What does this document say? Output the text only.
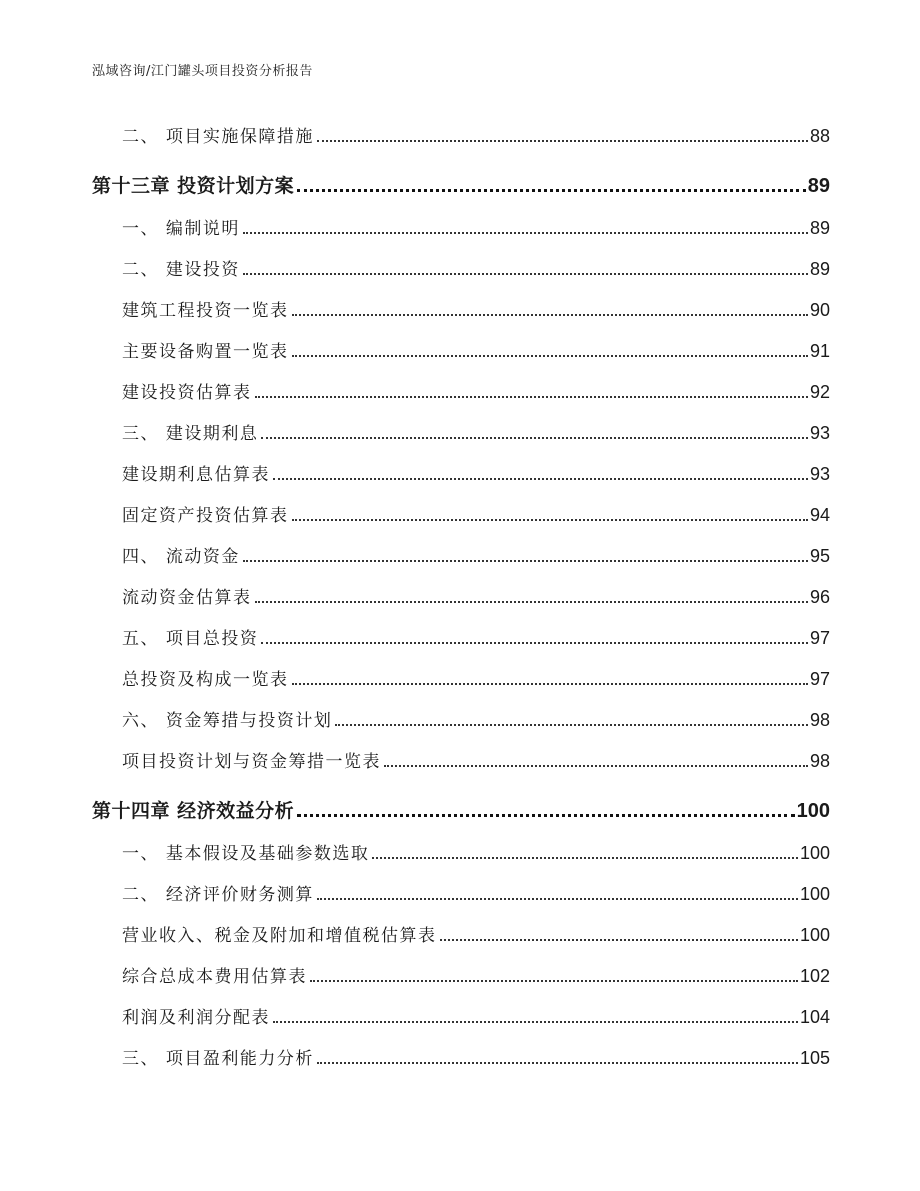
泓域咨询/江门罐头项目投资分析报告
二、 项目实施保障措施	88
第十三章 投资计划方案	89
一、 编制说明	89
二、 建设投资	89
建筑工程投资一览表	90
主要设备购置一览表	91
建设投资估算表	92
三、 建设期利息	93
建设期利息估算表	93
固定资产投资估算表	94
四、 流动资金	95
流动资金估算表	96
五、 项目总投资	97
总投资及构成一览表	97
六、 资金筹措与投资计划	98
项目投资计划与资金筹措一览表	98
第十四章 经济效益分析	100
一、 基本假设及基础参数选取	100
二、 经济评价财务测算	100
营业收入、税金及附加和增值税估算表	100
综合总成本费用估算表	102
利润及利润分配表	104
三、 项目盈利能力分析	105
